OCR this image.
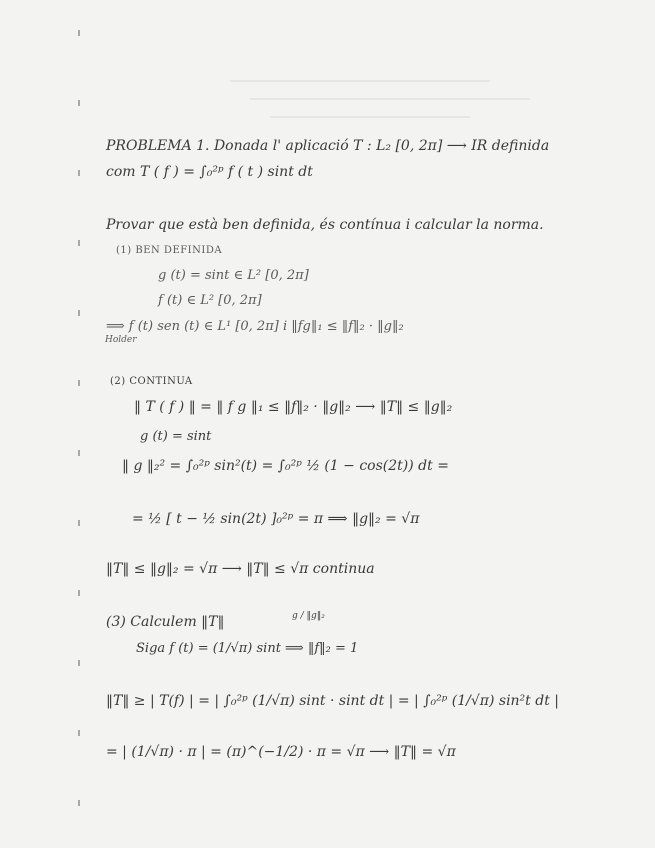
PROBLEMA 1. Donada l' aplicació T : L₂ [0, 2π] ⟶ IR definida
com T ( f ) = ∫₀²ᵖ f ( t ) sint dt
Provar que està ben definida, és contínua i calcular la norma.
(1) BEN DEFINIDA
g (t) = sint ∈ L² [0, 2π]
f (t) ∈ L² [0, 2π]
⟹ f (t) sen (t) ∈ L¹ [0, 2π] i ‖fg‖₁ ≤ ‖f‖₂ · ‖g‖₂
Holder
(2) CONTINUA
‖ T ( f ) ‖ = ‖ f g ‖₁ ≤ ‖f‖₂ · ‖g‖₂ ⟶ ‖T‖ ≤ ‖g‖₂
g (t) = sint
‖ g ‖₂² = ∫₀²ᵖ sin²(t) = ∫₀²ᵖ ½ (1 − cos(2t)) dt =
= ½ [ t − ½ sin(2t) ]₀²ᵖ = π ⟹ ‖g‖₂ = √π
‖T‖ ≤ ‖g‖₂ = √π ⟶ ‖T‖ ≤ √π continua
(3) Calculem ‖T‖	g / ‖g‖₂
Siga f (t) = (1/√π) sint ⟹ ‖f‖₂ = 1
‖T‖ ≥ | T(f) | = | ∫₀²ᵖ (1/√π) sint · sint dt | = | ∫₀²ᵖ (1/√π) sin²t dt |
= | (1/√π) · π | = (π)^(−1/2) · π = √π ⟶ ‖T‖ = √π
